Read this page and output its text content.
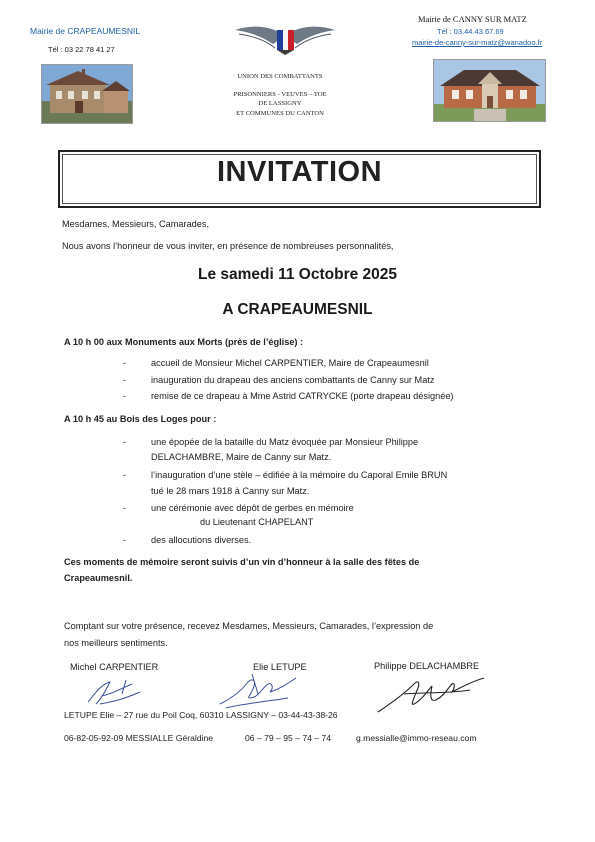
Mairie de CRAPEAUMESNIL
Tél : 03 22 78 41 27
UNION DES COMBATTANTS
PRISONNIERS - VEUVES – TOE
DE LASSIGNY
ET COMMUNES DU CANTON
Mairie de CANNY SUR MATZ
Tél : 03.44.43.67.69
mairie-de-canny-sur-matz@wanadoo.fr
INVITATION
Mesdames, Messieurs, Camarades,
Nous avons l’honneur de vous inviter, en présence de nombreuses personnalités,
Le samedi 11 Octobre 2025
A CRAPEAUMESNIL
A 10 h 00 aux Monuments aux Morts (près de l’église) :
-	accueil de Monsieur Michel CARPENTIER, Maire de Crapeaumesnil
-	inauguration du drapeau des anciens combattants de Canny sur Matz
-	remise de ce drapeau à Mme Astrid CATRYCKE (porte drapeau désignée)
A 10 h 45 au Bois des Loges pour :
-	une épopée de la bataille du Matz évoquée par Monsieur Philippe
DELACHAMBRE, Maire de Canny sur Matz.
-	l’inauguration d’une stèle – édifiée à la mémoire du Caporal Emile BRUN
tué le 28 mars 1918 à Canny sur Matz.
-	une cérémonie avec dépôt de gerbes en mémoire
du Lieutenant CHAPELANT
-	des allocutions diverses.
Ces moments de mémoire seront suivis d’un vin d’honneur à la salle des fêtes de
Crapeaumesnil.
Comptant sur votre présence, recevez Mesdames, Messieurs, Camarades, l’expression de
nos meilleurs sentiments.
Michel CARPENTIER	Elie LETUPE	Philippe DELACHAMBRE
LETUPE Elie – 27 rue du Poil Coq, 60310 LASSIGNY – 03-44-43-38-26
06-82-05-92-09 MESSIALLE Géraldine	06 – 79 – 95 – 74 – 74	g.messialle@immo-reseau.com
